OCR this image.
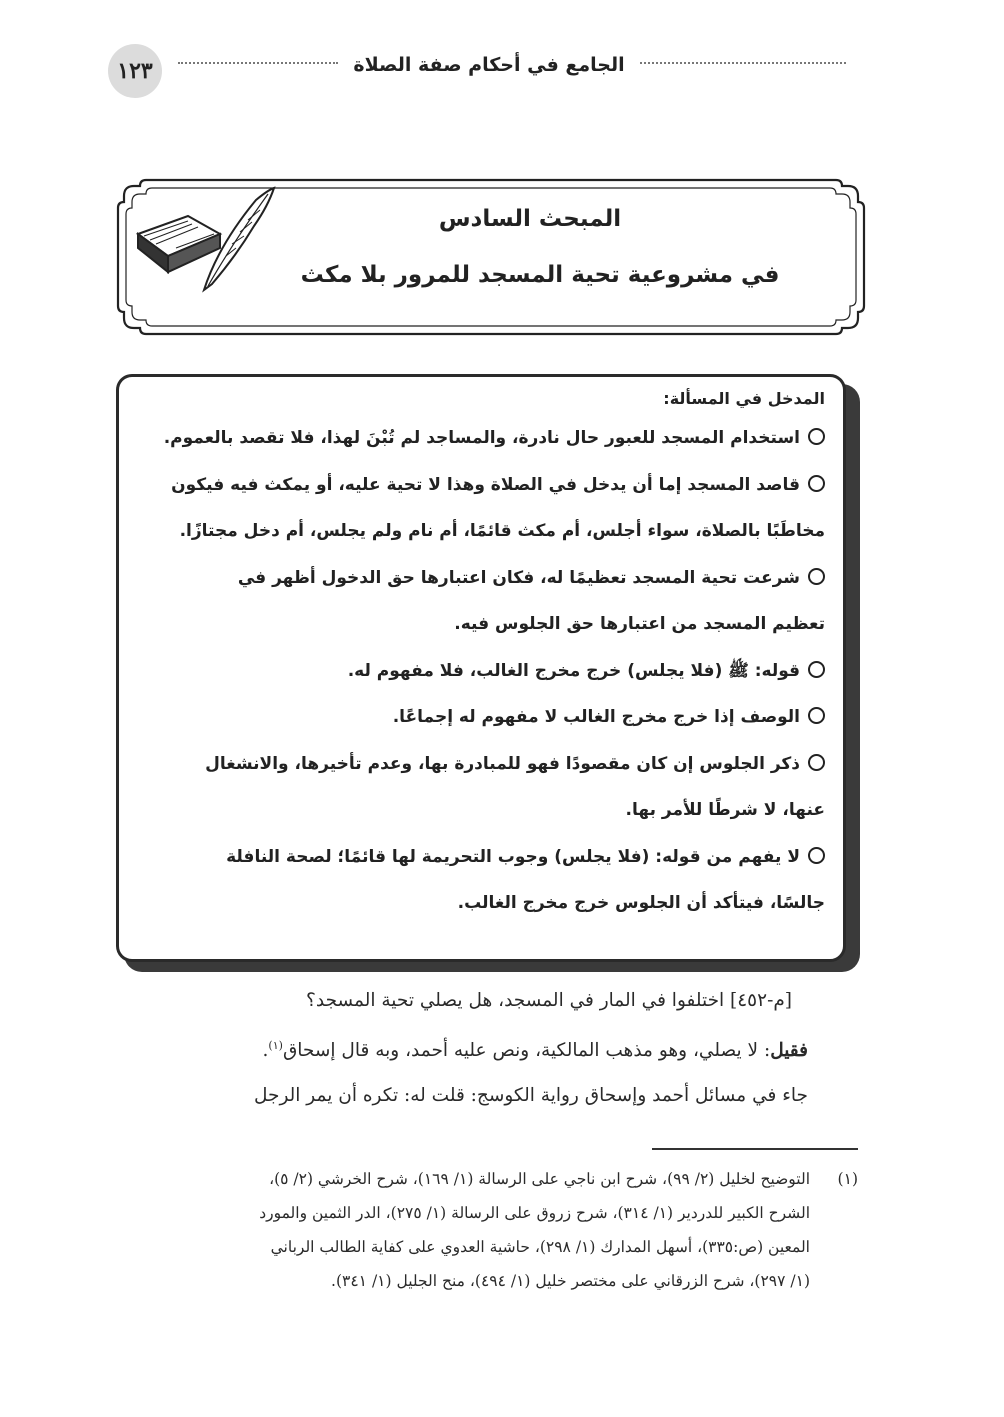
١٢٣	الجامع في أحكام صفة الصلاة
المبحث السادس
في مشروعية تحية المسجد للمرور بلا مكث
المدخل في المسألة:
استخدام المسجد للعبور حال نادرة، والمساجد لم تُبْنَ لهذا، فلا تقصد بالعموم.
قاصد المسجد إما أن يدخل في الصلاة وهذا لا تحية عليه، أو يمكث فيه فيكون
مخاطَبًا بالصلاة، سواء أجلس، أم مكث قائمًا، أم نام ولم يجلس، أم دخل مجتازًا.
شرعت تحية المسجد تعظيمًا له، فكان اعتبارها حق الدخول أظهر في
تعظيم المسجد من اعتبارها حق الجلوس فيه.
قوله: ﷺ (فلا يجلس) خرج مخرج الغالب، فلا مفهوم له.
الوصف إذا خرج مخرج الغالب لا مفهوم له إجماعًا.
ذكر الجلوس إن كان مقصودًا فهو للمبادرة بها، وعدم تأخيرها، والانشغال
عنها، لا شرطًا للأمر بها.
لا يفهم من قوله: (فلا يجلس) وجوب التحريمة لها قائمًا؛ لصحة النافلة
جالسًا، فيتأكد أن الجلوس خرج مخرج الغالب.

[م-٤٥٢] اختلفوا في المار في المسجد، هل يصلي تحية المسجد؟

فقيل: لا يصلي، وهو مذهب المالكية، ونص عليه أحمد، وبه قال إسحاق$^{(١)}$.

جاء في مسائل أحمد وإسحاق رواية الكوسج: قلت له: تكره أن يمر الرجل

(١)
التوضيح لخليل (٢/ ٩٩)، شرح ابن ناجي على الرسالة (١/ ١٦٩)، شرح الخرشي (٢/ ٥)،
الشرح الكبير للدردير (١/ ٣١٤)، شرح زروق على الرسالة (١/ ٢٧٥)، الدر الثمين والمورد
المعين (ص:٣٣٥)، أسهل المدارك (١/ ٢٩٨)، حاشية العدوي على كفاية الطالب الرباني
(١/ ٢٩٧)، شرح الزرقاني على مختصر خليل (١/ ٤٩٤)، منح الجليل (١/ ٣٤١).
